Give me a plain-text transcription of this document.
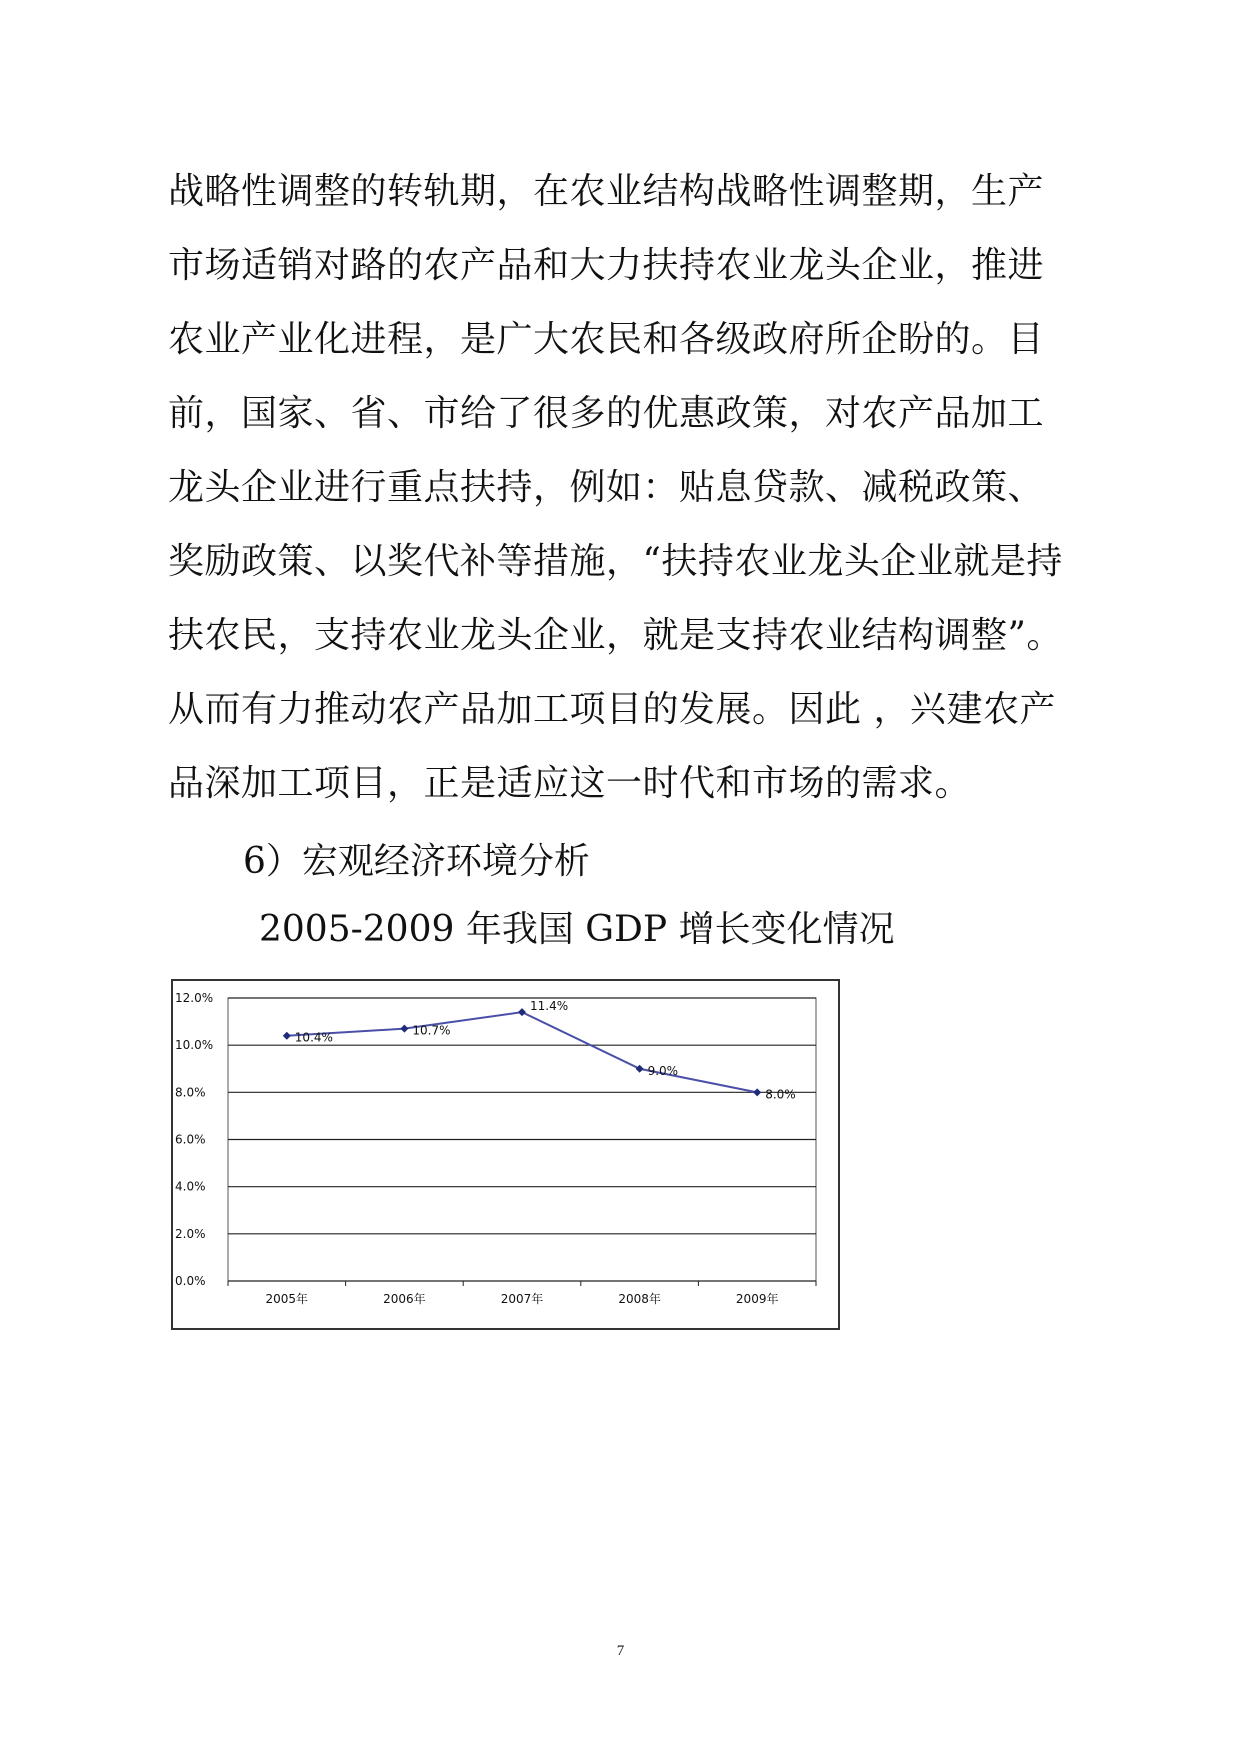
战略性调整的转轨期，在农业结构战略性调整期，生产
市场适销对路的农产品和大力扶持农业龙头企业，推进
农业产业化进程，是广大农民和各级政府所企盼的。目
前，国家、省、市给了很多的优惠政策，对农产品加工
龙头企业进行重点扶持，例如：贴息贷款、减税政策、
奖励政策、以奖代补等措施，“扶持农业龙头企业就是持
扶农民，支持农业龙头企业，就是支持农业结构调整”。
从而有力推动农产品加工项目的发展。因此 ，兴建农产
品深加工项目，正是适应这一时代和市场的需求。
6）宏观经济环境分析
2005-2009 年我国 GDP 增长变化情况
0.0%
2.0%
4.0%
6.0%
8.0%
10.0%
12.0%
2005年	2006年	2007年	2008年	2009年
10.4%
10.7%
11.4%
9.0%
8.0%
7
